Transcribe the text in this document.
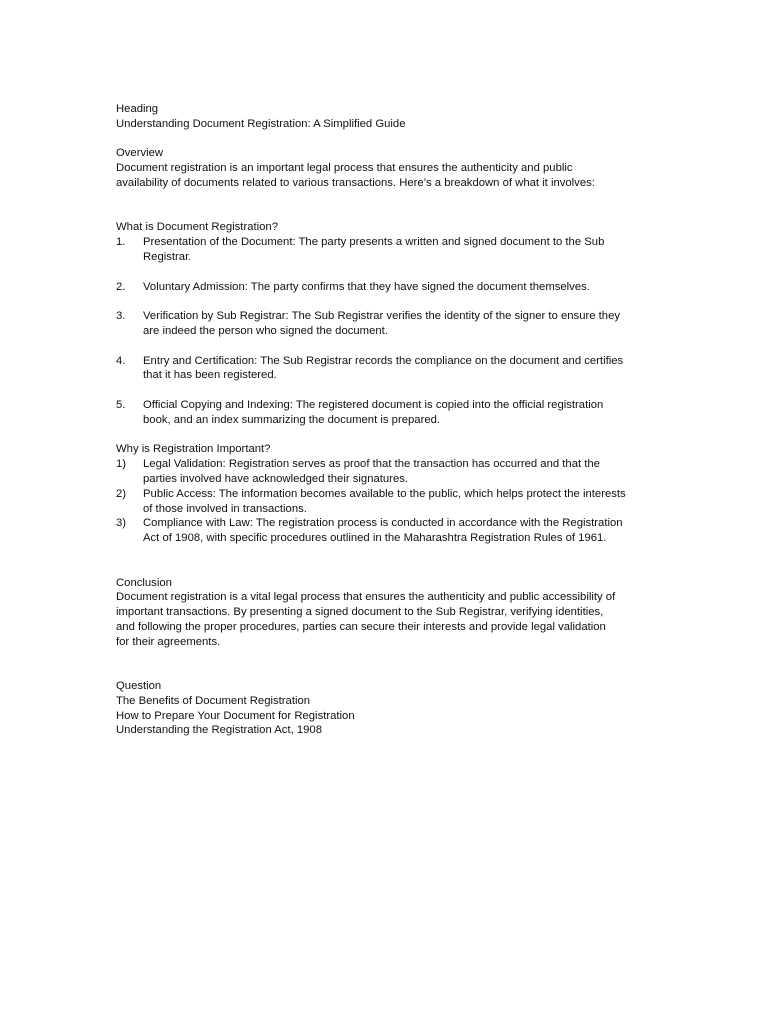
Heading
Understanding Document Registration: A Simplified Guide
Overview
Document registration is an important legal process that ensures the authenticity and public
availability of documents related to various transactions. Here’s a breakdown of what it involves:
What is Document Registration?
1. Presentation of the Document: The party presents a written and signed document to the Sub
Registrar.
2. Voluntary Admission: The party confirms that they have signed the document themselves.
3. Verification by Sub Registrar: The Sub Registrar verifies the identity of the signer to ensure they
are indeed the person who signed the document.
4. Entry and Certification: The Sub Registrar records the compliance on the document and certifies
that it has been registered.
5. Official Copying and Indexing: The registered document is copied into the official registration
book, and an index summarizing the document is prepared.
Why is Registration Important?
1) Legal Validation: Registration serves as proof that the transaction has occurred and that the
parties involved have acknowledged their signatures.
2) Public Access: The information becomes available to the public, which helps protect the interests
of those involved in transactions.
3) Compliance with Law: The registration process is conducted in accordance with the Registration
Act of 1908, with specific procedures outlined in the Maharashtra Registration Rules of 1961.
Conclusion
Document registration is a vital legal process that ensures the authenticity and public accessibility of
important transactions. By presenting a signed document to the Sub Registrar, verifying identities,
and following the proper procedures, parties can secure their interests and provide legal validation
for their agreements.
Question
The Benefits of Document Registration
How to Prepare Your Document for Registration
Understanding the Registration Act, 1908
